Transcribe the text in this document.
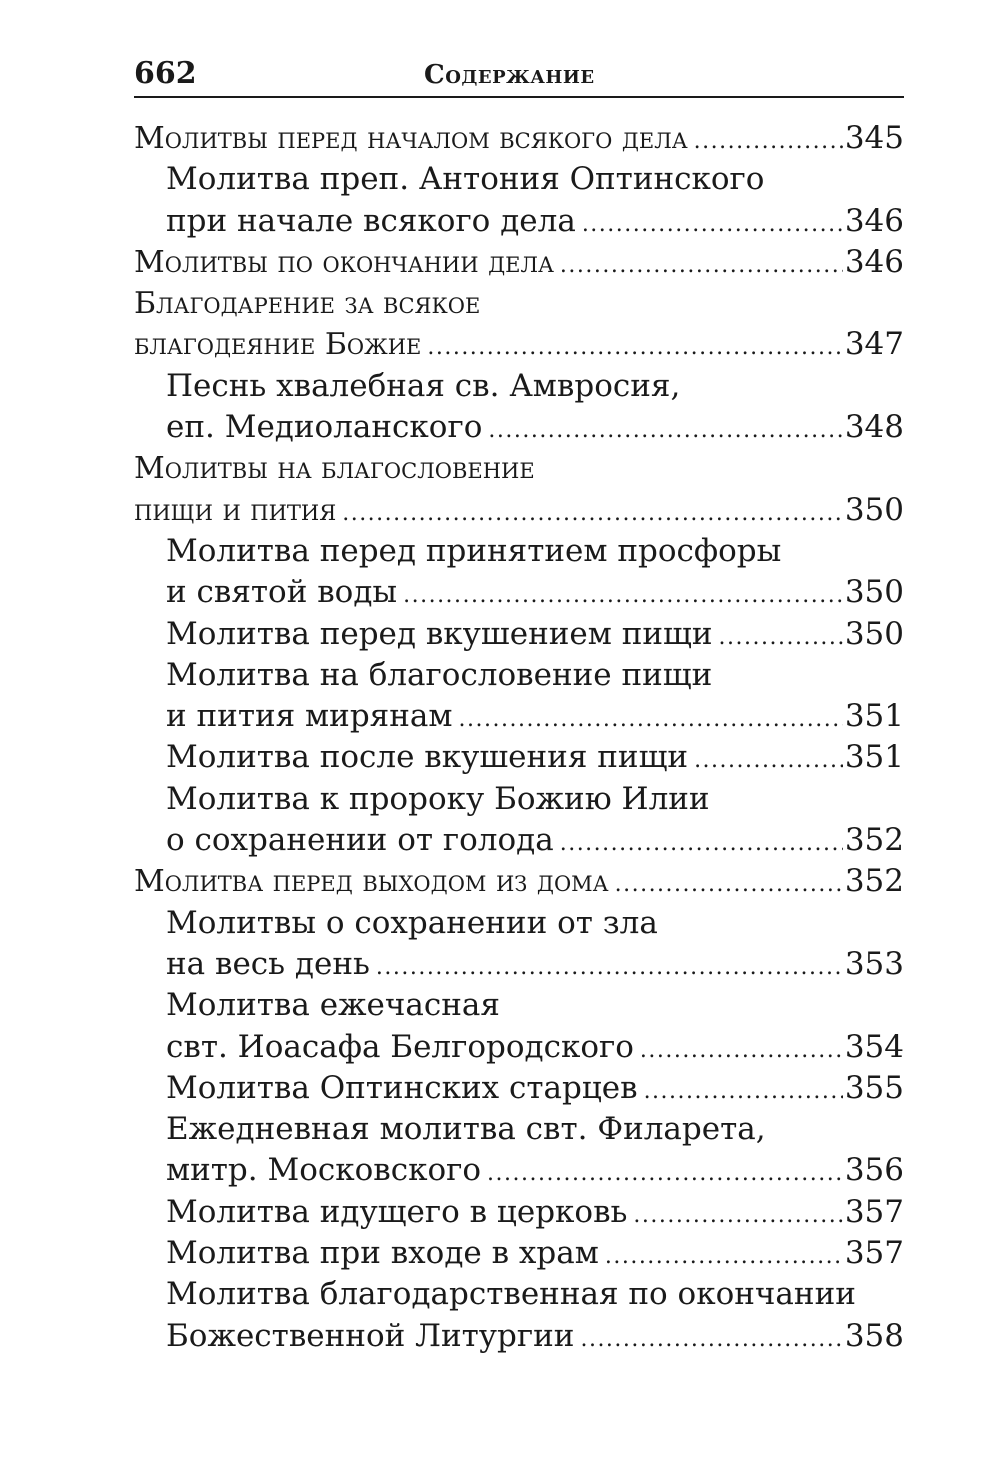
662	Содержание
Молитвы перед началом всякого дела .....	345
Молитва преп. Антония Оптинского
при начале всякого дела .....	346
Молитвы по окончании дела .....	346
Благодарение за всякое
благодеяние Божие .....	347
Песнь хвалебная св. Амвросия,
еп. Медиоланского .....	348
Молитвы на благословение
пищи и пития .....	350
Молитва перед принятием просфоры
и святой воды .....	350
Молитва перед вкушением пищи .....	350
Молитва на благословение пищи
и пития мирянам .....	351
Молитва после вкушения пищи .....	351
Молитва к пророку Божию Илии
о сохранении от голода .....	352
Молитва перед выходом из дома .....	352
Молитвы о сохранении от зла
на весь день .....	353
Молитва ежечасная
свт. Иоасафа Белгородского .....	354
Молитва Оптинских старцев .....	355
Ежедневная молитва свт. Филарета,
митр. Московского .....	356
Молитва идущего в церковь .....	357
Молитва при входе в храм .....	357
Молитва благодарственная по окончании
Божественной Литургии .....	358
